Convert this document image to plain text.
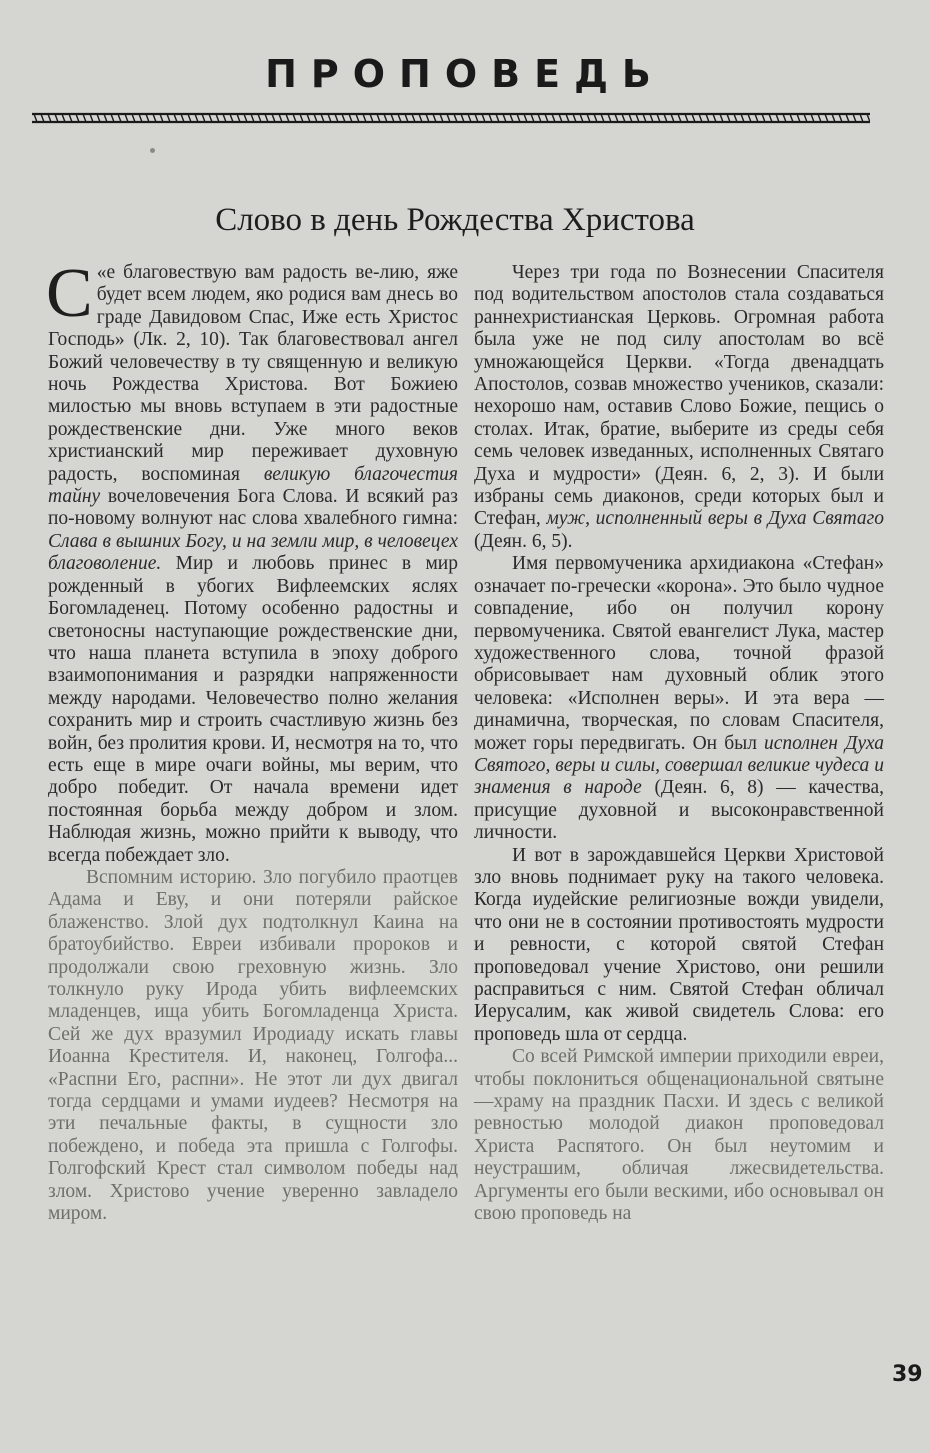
ПРОПОВЕДЬ
Слово в день Рождества Христова

С «е благовествую вам радость ве-лию, яже будет всем людем, яко родися вам днесь во граде Давидовом Спас, Иже есть Христос Господь» (Лк. 2, 10). Так благовествовал ангел Божий человечеству в ту священную и великую ночь Рождества Христова. Вот Божиею милостью мы вновь вступаем в эти радостные рождественские дни. Уже много веков христианский мир переживает духовную радость, воспоминая великую благочестия тайну вочеловечения Бога Слова. И всякий раз по-новому волнуют нас слова хвалебного гимна: Слава в вышних Богу, и на земли мир, в человецех благоволение. Мир и любовь принес в мир рожденный в убогих Вифлеемских яслях Богомладенец. Потому особенно радостны и светоносны наступающие рождественские дни, что наша планета вступила в эпоху доброго взаимопонимания и разрядки напряженности между народами. Человечество полно желания сохранить мир и строить счастливую жизнь без войн, без пролития крови. И, несмотря на то, что есть еще в мире очаги войны, мы верим, что добро победит. От начала времени идет постоянная борьба между добром и злом. Наблюдая жизнь, можно прийти к выводу, что всегда побеждает зло.

Вспомним историю. Зло погубило праотцев Адама и Еву, и они потеряли райское блаженство. Злой дух подтолкнул Каина на братоубийство. Евреи избивали пророков и продолжали свою греховную жизнь. Зло толкнуло руку Ирода убить вифлеемских младенцев, ища убить Богомладенца Христа. Сей же дух вразумил Иродиаду искать главы Иоанна Крестителя. И, наконец, Голгофа... «Распни Его, распни». Не этот ли дух двигал тогда сердцами и умами иудеев? Несмотря на эти печальные факты, в сущности зло побеждено, и победа эта пришла с Голгофы. Голгофский Крест стал символом победы над злом. Христово учение уверенно завладело миром.

Через три года по Вознесении Спасителя под водительством апостолов стала создаваться раннехристианская Церковь. Огромная работа была уже не под силу апостолам во всё умножающейся Церкви. «Тогда двенадцать Апостолов, созвав множество учеников, сказали: нехорошо нам, оставив Слово Божие, пещись о столах. Итак, братие, выберите из среды себя семь человек изведанных, исполненных Святаго Духа и мудрости» (Деян. 6, 2, 3). И были избраны семь диаконов, среди которых был и Стефан, муж, исполненный веры в Духа Святаго (Деян. 6, 5).

Имя первомученика архидиакона «Стефан» означает по-гречески «корона». Это было чудное совпадение, ибо он получил корону первомученика. Святой евангелист Лука, мастер художественного слова, точной фразой обрисовывает нам духовный облик этого человека: «Исполнен веры». И эта вера — динамична, творческая, по словам Спасителя, может горы передвигать. Он был исполнен Духа Святого, веры и силы, совершал великие чудеса и знамения в народе (Деян. 6, 8) — качества, присущие духовной и высоконравственной личности.

И вот в зарождавшейся Церкви Христовой зло вновь поднимает руку на такого человека. Когда иудейские религиозные вожди увидели, что они не в состоянии противостоять мудрости и ревности, с которой святой Стефан проповедовал учение Христово, они решили расправиться с ним. Святой Стефан обличал Иерусалим, как живой свидетель Слова: его проповедь шла от сердца.

Со всей Римской империи приходили евреи, чтобы поклониться общенациональной святыне—храму на праздник Пасхи. И здесь с великой ревностью молодой диакон проповедовал Христа Распятого. Он был неутомим и неустрашим, обличая лжесвидетельства. Аргументы его были вескими, ибо основывал он свою проповедь на

39
